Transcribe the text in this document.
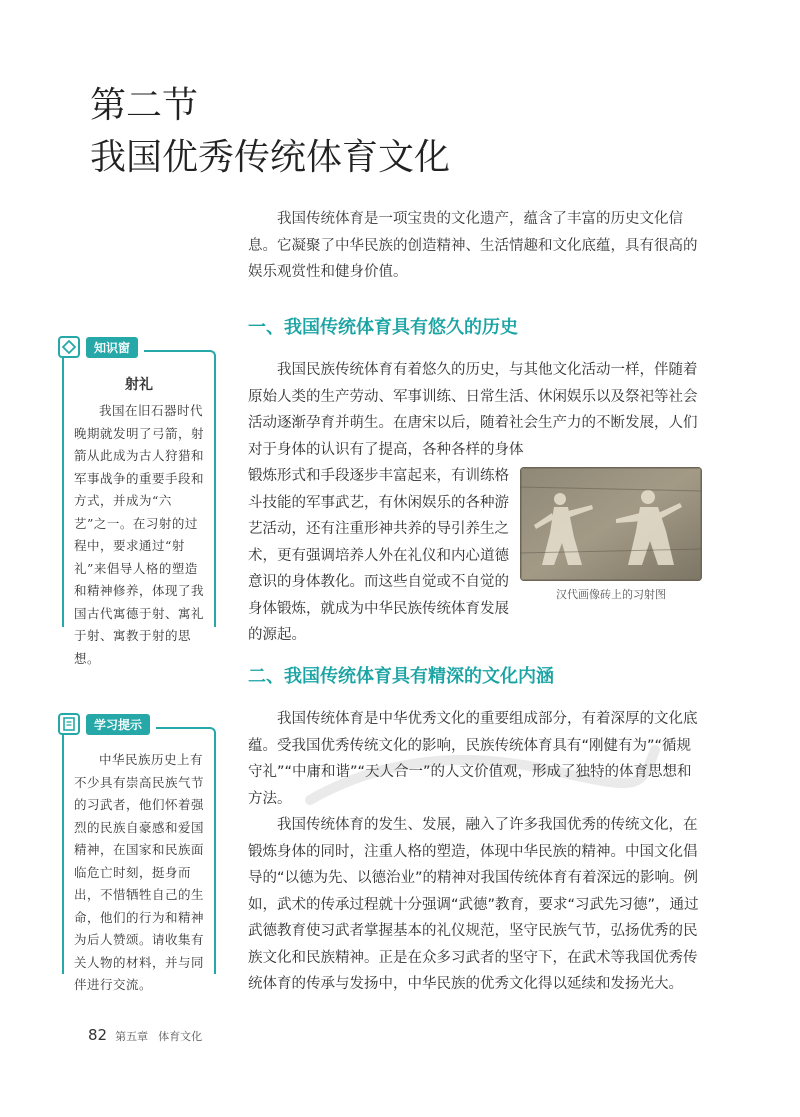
第二节
我国优秀传统体育文化

我国传统体育是一项宝贵的文化遗产，蕴含了丰富的历史文化信息。它凝聚了中华民族的创造精神、生活情趣和文化底蕴，具有很高的娱乐观赏性和健身价值。

一、我国传统体育具有悠久的历史

我国民族传统体育有着悠久的历史，与其他文化活动一样，伴随着原始人类的生产劳动、军事训练、日常生活、休闲娱乐以及祭祀等社会活动逐渐孕育并萌生。在唐宋以后，随着社会生产力的不断发展，人们对于身体的认识有了提高，各种各样的身体

锻炼形式和手段逐步丰富起来，有训练格斗技能的军事武艺，有休闲娱乐的各种游艺活动，还有注重形神共养的导引养生之术，更有强调培养人外在礼仪和内心道德意识的身体教化。而这些自觉或不自觉的身体锻炼，就成为中华民族传统体育发展的源起。

汉代画像砖上的习射图
二、我国传统体育具有精深的文化内涵

我国传统体育是中华优秀文化的重要组成部分，有着深厚的文化底蕴。受我国优秀传统文化的影响，民族传统体育具有“刚健有为”“循规守礼”“中庸和谐”“天人合一”的人文价值观，形成了独特的体育思想和方法。

我国传统体育的发生、发展，融入了许多我国优秀的传统文化，在锻炼身体的同时，注重人格的塑造，体现中华民族的精神。中国文化倡导的“以德为先、以德治业”的精神对我国传统体育有着深远的影响。例如，武术的传承过程就十分强调“武德”教育，要求“习武先习德”，通过武德教育使习武者掌握基本的礼仪规范，坚守民族气节，弘扬优秀的民族文化和民族精神。正是在众多习武者的坚守下，在武术等我国优秀传统体育的传承与发扬中，中华民族的优秀文化得以延续和发扬光大。

知识窗
射礼

我国在旧石器时代晚期就发明了弓箭，射箭从此成为古人狩猎和军事战争的重要手段和方式，并成为“六艺”之一。在习射的过程中，要求通过“射礼”来倡导人格的塑造和精神修养，体现了我国古代寓德于射、寓礼于射、寓教于射的思想。

学习提示

中华民族历史上有不少具有崇高民族气节的习武者，他们怀着强烈的民族自豪感和爱国精神，在国家和民族面临危亡时刻，挺身而出，不惜牺牲自己的生命，他们的行为和精神为后人赞颂。请收集有关人物的材料，并与同伴进行交流。

82 第五章 体育文化
